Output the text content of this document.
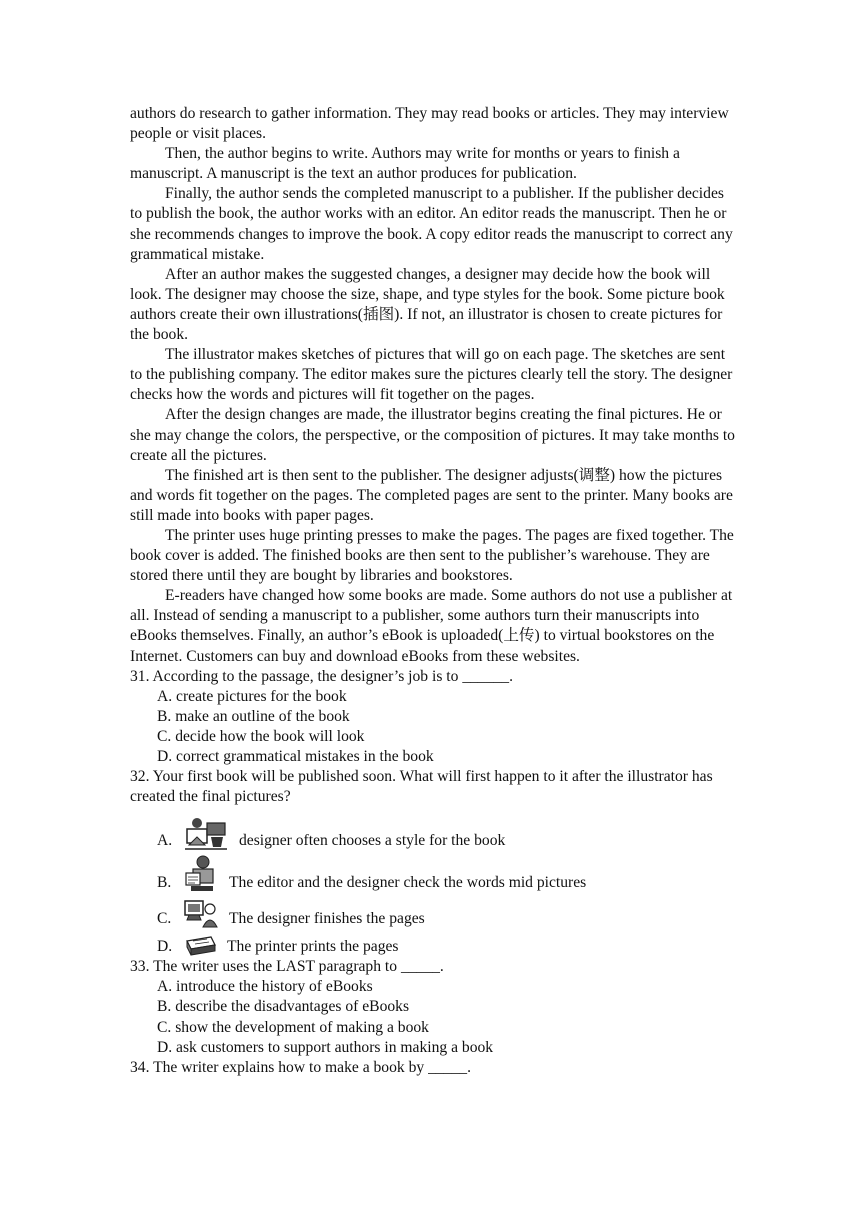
authors do research to gather information. They may read books or articles. They may interview people or visit places.

Then, the author begins to write. Authors may write for months or years to finish a manuscript. A manuscript is the text an author produces for publication.

Finally, the author sends the completed manuscript to a publisher. If the publisher decides to publish the book, the author works with an editor. An editor reads the manuscript. Then he or she recommends changes to improve the book. A copy editor reads the manuscript to correct any grammatical mistake.

After an author makes the suggested changes, a designer may decide how the book will look. The designer may choose the size, shape, and type styles for the book. Some picture book authors create their own illustrations(插图). If not, an illustrator is chosen to create pictures for the book.

The illustrator makes sketches of pictures that will go on each page. The sketches are sent to the publishing company. The editor makes sure the pictures clearly tell the story. The designer checks how the words and pictures will fit together on the pages.

After the design changes are made, the illustrator begins creating the final pictures. He or she may change the colors, the perspective, or the composition of pictures. It may take months to create all the pictures.

The finished art is then sent to the publisher. The designer adjusts(调整) how the pictures and words fit together on the pages. The completed pages are sent to the printer. Many books are still made into books with paper pages.

The printer uses huge printing presses to make the pages. The pages are fixed together. The book cover is added. The finished books are then sent to the publisher’s warehouse. They are stored there until they are bought by libraries and bookstores.

E-readers have changed how some books are made. Some authors do not use a publisher at all. Instead of sending a manuscript to a publisher, some authors turn their manuscripts into eBooks themselves. Finally, an author’s eBook is uploaded(上传) to virtual bookstores on the Internet. Customers can buy and download eBooks from these websites.

31. According to the passage, the designer’s job is to ______.

A. create pictures for the book

B. make an outline of the book

C. decide how the book will look

D. correct grammatical mistakes in the book

32. Your first book will be published soon. What will first happen to it after the illustrator has created the final pictures?

A.	designer often chooses a style for the book
B.	The editor and the designer check the words mid pictures
C.	The designer finishes the pages
D.	The printer prints the pages

33. The writer uses the LAST paragraph to _____.

A. introduce the history of eBooks

B. describe the disadvantages of eBooks

C. show the development of making a book

D. ask customers to support authors in making a book

34. The writer explains how to make a book by _____.
